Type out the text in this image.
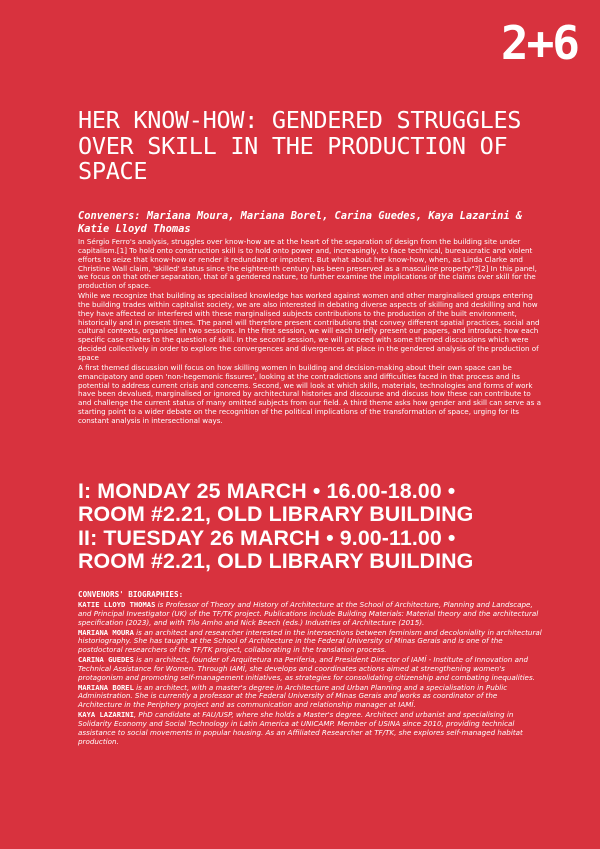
2+6
HER KNOW-HOW: GENDERED STRUGGLES OVER SKILL IN THE PRODUCTION OF SPACE
Conveners: Mariana Moura, Mariana Borel, Carina Guedes, Kaya Lazarini & Katie Lloyd Thomas

In Sérgio Ferro's analysis, struggles over know-how are at the heart of the separation of design from the building site under capitalism.[1] To hold onto construction skill is to hold onto power and, increasingly, to face technical, bureaucratic and violent efforts to seize that know-how or render it redundant or impotent. But what about her know-how, when, as Linda Clarke and Christine Wall claim, 'skilled' status since the eighteenth century has been preserved as a masculine property"?[2] In this panel, we focus on that other separation, that of a gendered nature, to further examine the implications of the claims over skill for the production of space.

While we recognize that building as specialised knowledge has worked against women and other marginalised groups entering the building trades within capitalist society, we are also interested in debating diverse aspects of skilling and deskilling and how they have affected or interfered with these marginalised subjects contributions to the production of the built environment, historically and in present times. The panel will therefore present contributions that convey different spatial practices, social and cultural contexts, organised in two sessions. In the first session, we will each briefly present our papers, and introduce how each specific case relates to the question of skill. In the second session, we will proceed with some themed discussions which were decided collectively in order to explore the convergences and divergences at place in the gendered analysis of the production of space

A first themed discussion will focus on how skilling women in building and decision-making about their own space can be emancipatory and open 'non-hegemonic fissures', looking at the contradictions and difficulties faced in that process and its potential to address current crisis and concerns. Second, we will look at which skills, materials, technologies and forms of work have been devalued, marginalised or ignored by architectural histories and discourse and discuss how these can contribute to and challenge the current status of many omitted subjects from our field. A third theme asks how gender and skill can serve as a starting point to a wider debate on the recognition of the political implications of the transformation of space, urging for its constant analysis in intersectional ways.

I: MONDAY 25 MARCH • 16.00-18.00 •

ROOM #2.21, OLD LIBRARY BUILDING

II: TUESDAY 26 MARCH • 9.00-11.00 •

ROOM #2.21, OLD LIBRARY BUILDING

CONVENORS' BIOGRAPHIES:

KATIE LLOYD THOMAS is Professor of Theory and History of Architecture at the School of Architecture, Planning and Landscape, and Principal Investigator (UK) of the TF/TK project. Publications include Building Materials: Material theory and the architectural specification (2023), and with Tilo Amho and Nick Beech (eds.) Industries of Architecture (2015).

MARIANA MOURA is an architect and researcher interested in the intersections between feminism and decoloniality in architectural historiography. She has taught at the School of Architecture in the Federal University of Minas Gerais and is one of the postdoctoral researchers of the TF/TK project, collaborating in the translation process.

CARINA GUEDES is an architect, founder of Arquitetura na Periferia, and President Director of IAMÍ - Institute of Innovation and Technical Assistance for Women. Through IAMÍ, she develops and coordinates actions aimed at strengthening women's protagonism and promoting self-management initiatives, as strategies for consolidating citizenship and combating inequalities.

MARIANA BOREL is an architect, with a master's degree in Architecture and Urban Planning and a specialisation in Public Administration. She is currently a professor at the Federal University of Minas Gerais and works as coordinator of the Architecture in the Periphery project and as communication and relationship manager at IAMÍ.

KAYA LAZARINI, PhD candidate at FAU/USP, where she holds a Master's degree. Architect and urbanist and specialising in Solidarity Economy and Social Technology in Latin America at UNICAMP. Member of USINA since 2010, providing technical assistance to social movements in popular housing. As an Affiliated Researcher at TF/TK, she explores self-managed habitat production.
